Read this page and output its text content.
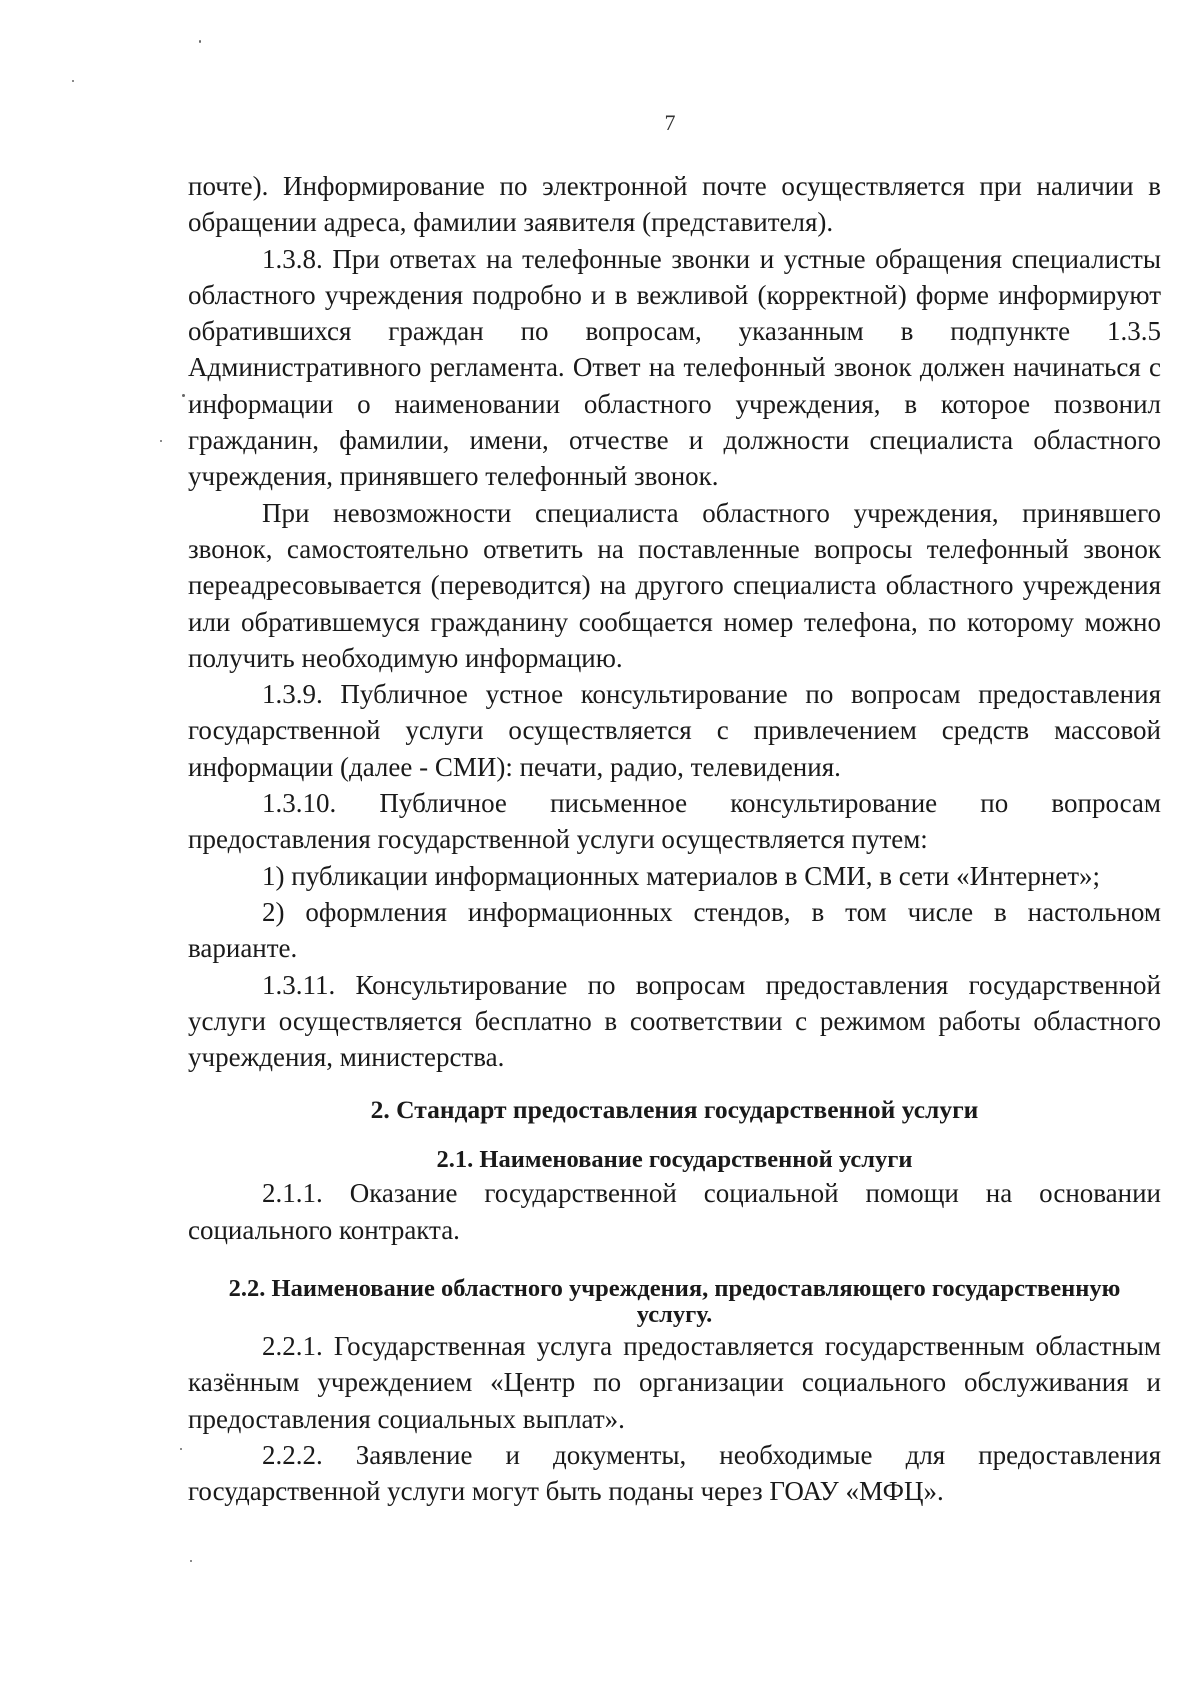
7

почте). Информирование по электронной почте осуществляется при наличии в обращении адреса, фамилии заявителя (представителя).

1.3.8. При ответах на телефонные звонки и устные обращения специалисты областного учреждения подробно и в вежливой (корректной) форме информируют обратившихся граждан по вопросам, указанным в подпункте 1.3.5 Административного регламента. Ответ на телефонный звонок должен начинаться с информации о наименовании областного учреждения, в которое позвонил гражданин, фамилии, имени, отчестве и должности специалиста областного учреждения, принявшего телефонный звонок.

При невозможности специалиста областного учреждения, принявшего звонок, самостоятельно ответить на поставленные вопросы телефонный звонок переадресовывается (переводится) на другого специалиста областного учреждения или обратившемуся гражданину сообщается номер телефона, по которому можно получить необходимую информацию.

1.3.9. Публичное устное консультирование по вопросам предоставления государственной услуги осуществляется с привлечением средств массовой информации (далее - СМИ): печати, радио, телевидения.

1.3.10. Публичное письменное консультирование по вопросам предоставления государственной услуги осуществляется путем:

1) публикации информационных материалов в СМИ, в сети «Интернет»;

2) оформления информационных стендов, в том числе в настольном варианте.

1.3.11. Консультирование по вопросам предоставления государственной услуги осуществляется бесплатно в соответствии с режимом работы областного учреждения, министерства.

2. Стандарт предоставления государственной услуги
2.1. Наименование государственной услуги

2.1.1. Оказание государственной социальной помощи на основании социального контракта.

2.2. Наименование областного учреждения, предоставляющего государственную услугу.

2.2.1. Государственная услуга предоставляется государственным областным казённым учреждением «Центр по организации социального обслуживания и предоставления социальных выплат».

2.2.2. Заявление и документы, необходимые для предоставления государственной услуги могут быть поданы через ГОАУ «МФЦ».
